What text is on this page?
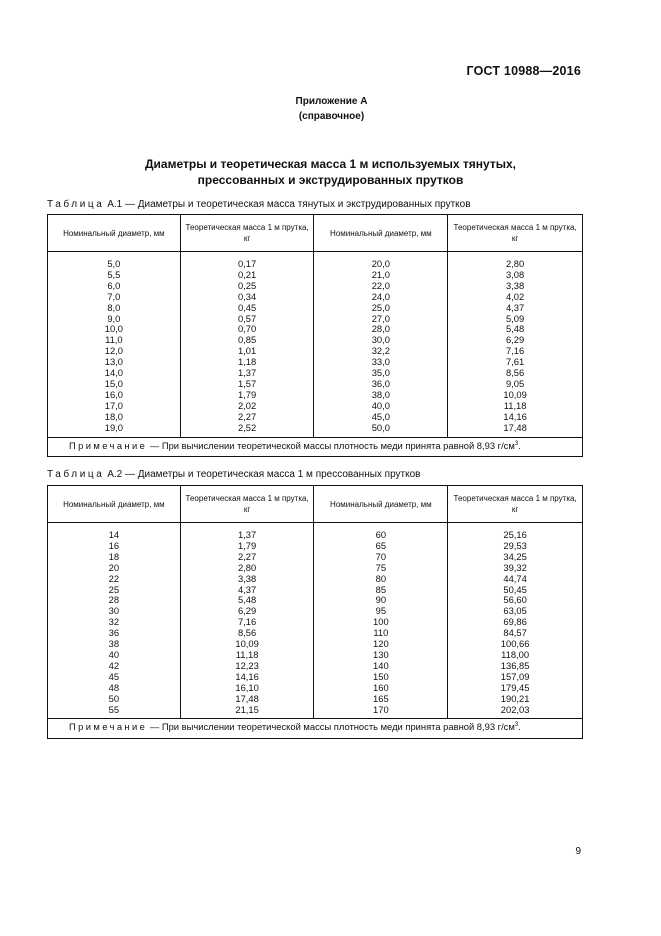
ГОСТ 10988—2016
Приложение А
(справочное)
Диаметры и теоретическая масса 1 м используемых тянутых,
прессованных и экструдированных прутков
Таблица А.1 — Диаметры и теоретическая масса тянутых и экструдированных прутков
Номинальный диаметр, мм	Теоретическая масса 1 м прутка, кг	Номинальный диаметр, мм	Теоретическая масса 1 м прутка, кг
5,0	0,17	20,0	2,80
5,5	0,21	21,0	3,08
6,0	0,25	22,0	3,38
7,0	0,34	24,0	4,02
8,0	0,45	25,0	4,37
9,0	0,57	27,0	5,09
10,0	0,70	28,0	5,48
11,0	0,85	30,0	6,29
12,0	1,01	32,2	7,16
13,0	1,18	33,0	7,61
14,0	1,37	35,0	8,56
15,0	1,57	36,0	9,05
16,0	1,79	38,0	10,09
17,0	2,02	40,0	11,18
18,0	2,27	45,0	14,16
19,0	2,52	50,0	17,48
Примечание — При вычислении теоретической массы плотность меди принята равной 8,93 $г/см^3$.			
Таблица А.2 — Диаметры и теоретическая масса 1 м прессованных прутков
Номинальный диаметр, мм	Теоретическая масса 1 м прутка, кг	Номинальный диаметр, мм	Теоретическая масса 1 м прутка, кг
14	1,37	60	25,16
16	1,79	65	29,53
18	2,27	70	34,25
20	2,80	75	39,32
22	3,38	80	44,74
25	4,37	85	50,45
28	5,48	90	56,60
30	6,29	95	63,05
32	7,16	100	69,86
36	8,56	110	84,57
38	10,09	120	100,66
40	11,18	130	118,00
42	12,23	140	136,85
45	14,16	150	157,09
48	16,10	160	179,45
50	17,48	165	190,21
55	21,15	170	202,03
Примечание — При вычислении теоретической массы плотность меди принята равной 8,93 $г/см^3$.			
9
